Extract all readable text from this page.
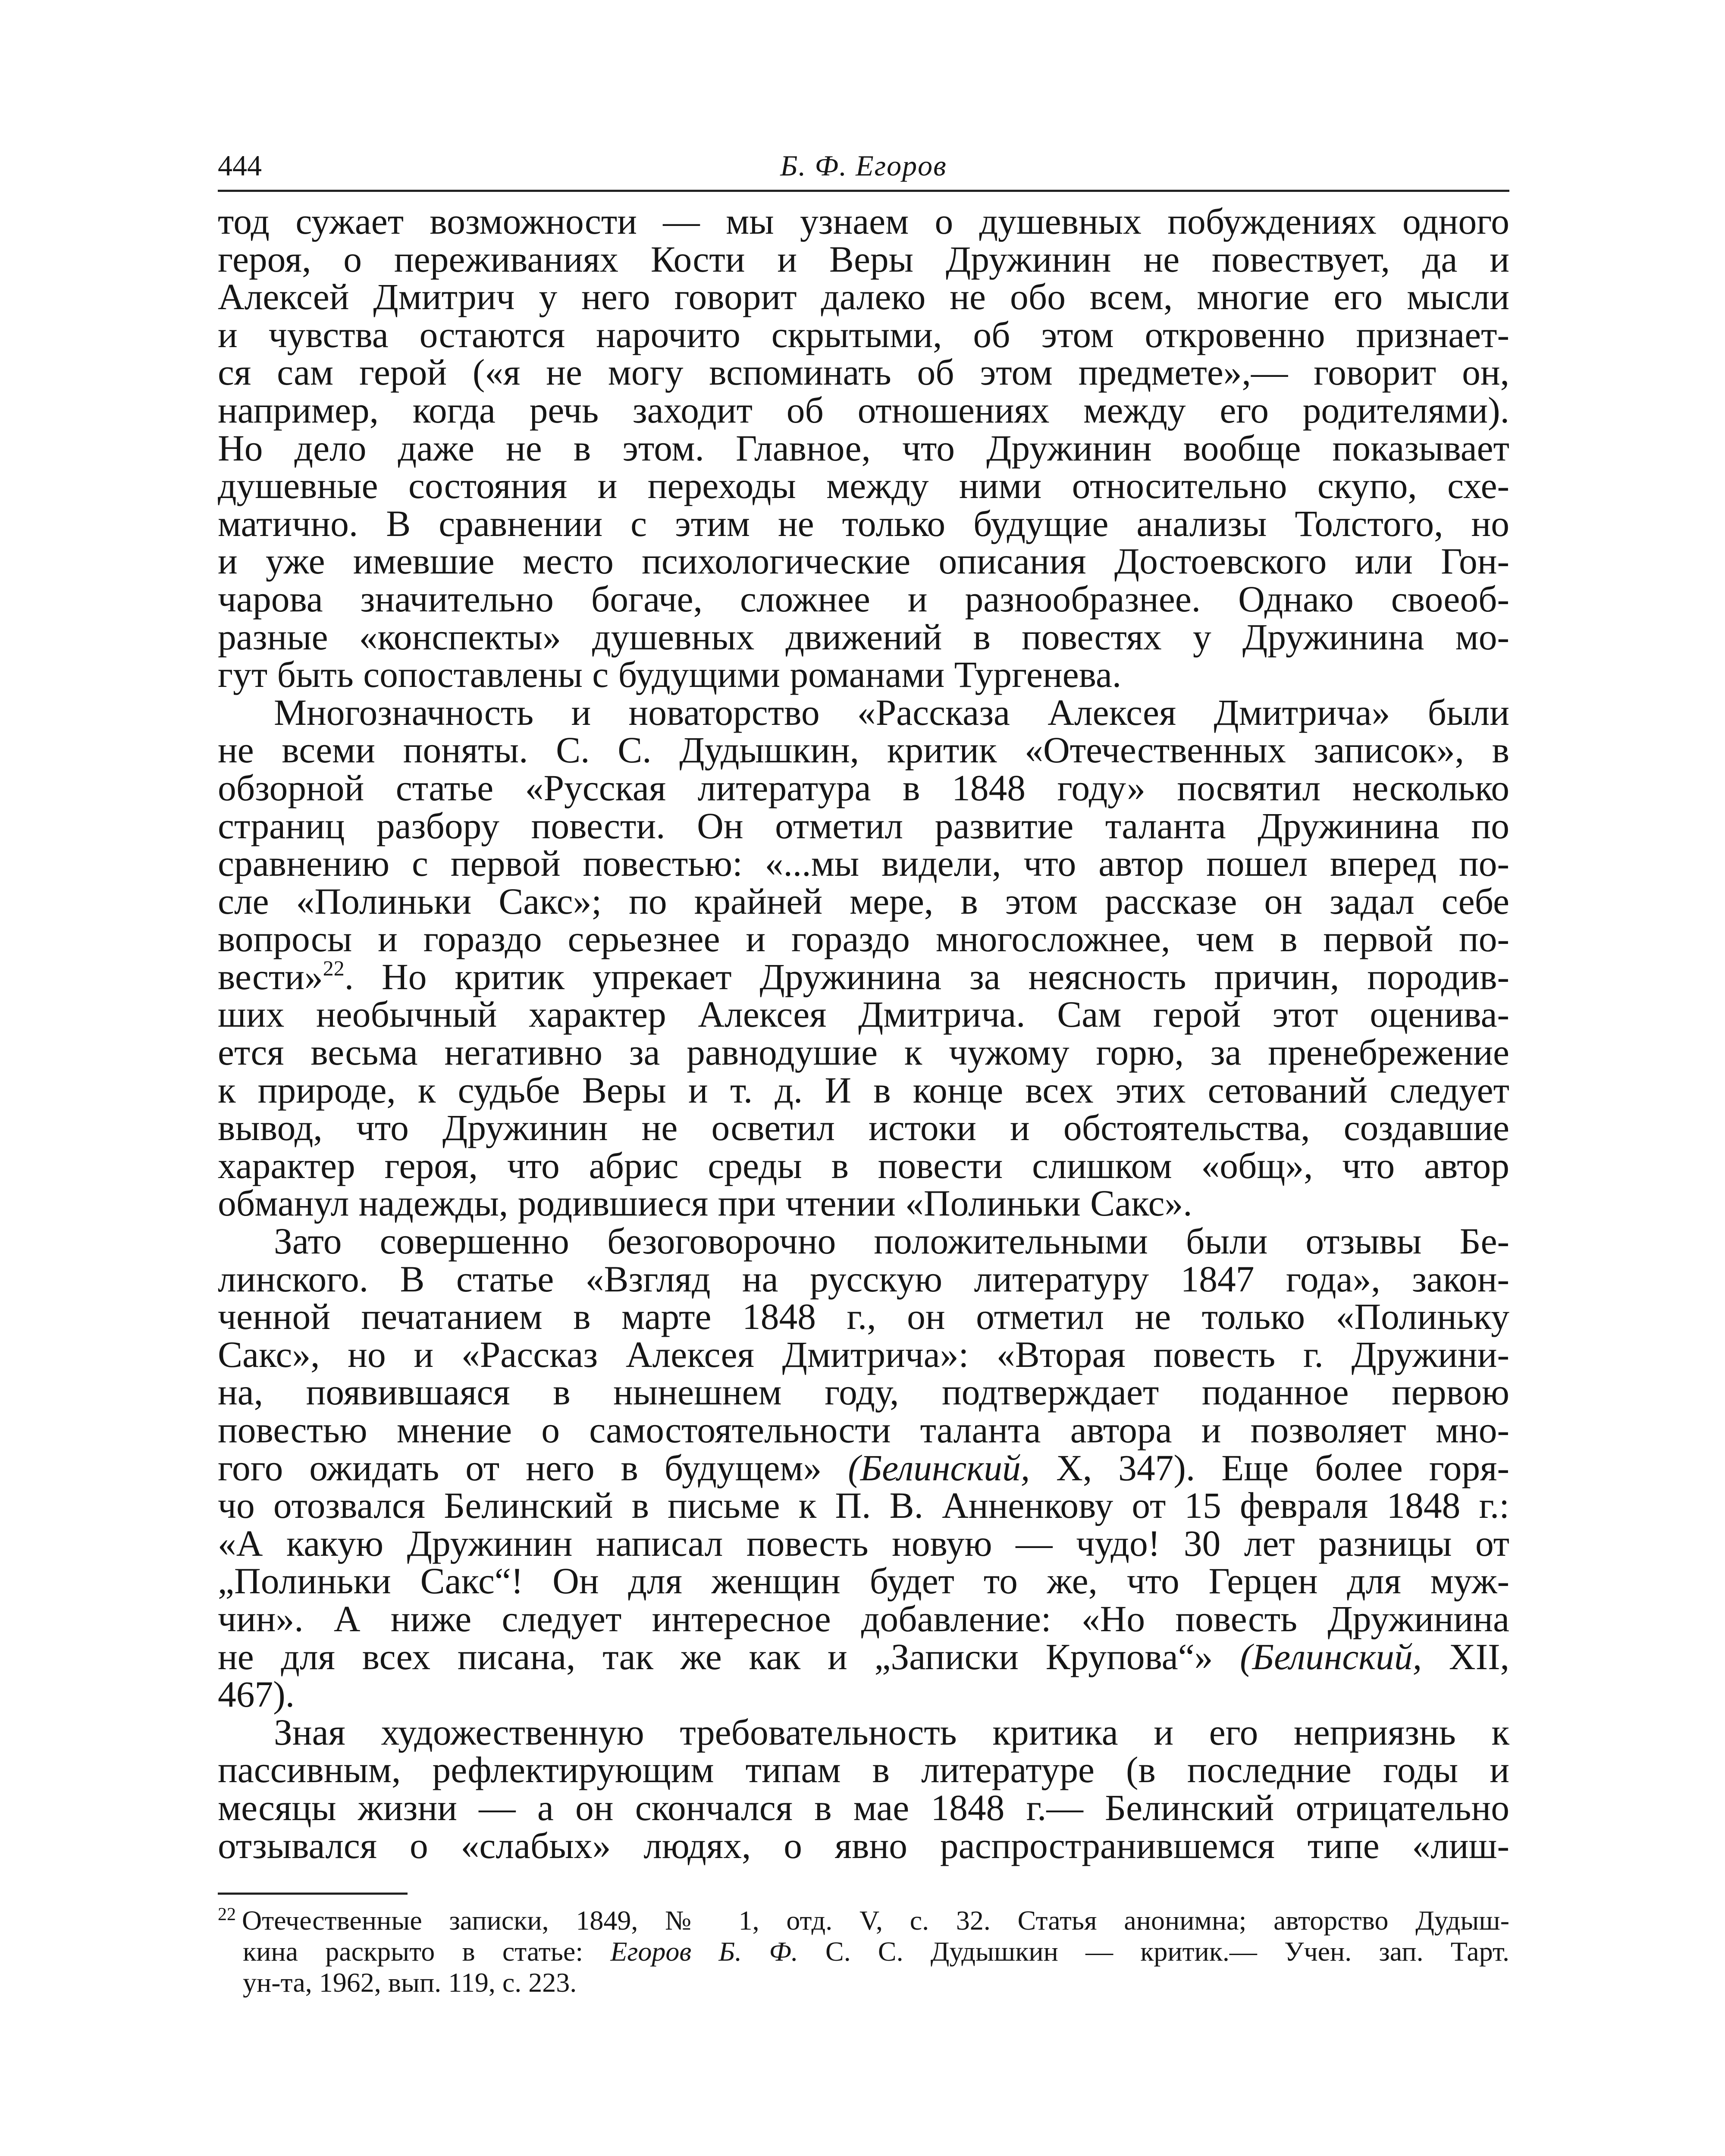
444	Б. Ф. Егоров

тод сужает возможности — мы узнаем о душевных побуждениях одного
героя, о переживаниях Кости и Веры Дружинин не повествует, да и
Алексей Дмитрич у него говорит далеко не обо всем, многие его мысли
и чувства остаются нарочито скрытыми, об этом откровенно признает-
ся сам герой («я не могу вспоминать об этом предмете»,— говорит он,
например, когда речь заходит об отношениях между его родителями).
Но дело даже не в этом. Главное, что Дружинин вообще показывает
душевные состояния и переходы между ними относительно скупо, схе-
матично. В сравнении с этим не только будущие анализы Толстого, но
и уже имевшие место психологические описания Достоевского или Гон-
чарова значительно богаче, сложнее и разнообразнее. Однако своеоб-
разные «конспекты» душевных движений в повестях у Дружинина мо-
гут быть сопоставлены с будущими романами Тургенева.

Многозначность и новаторство «Рассказа Алексея Дмитрича» были
не всеми поняты. С. С. Дудышкин, критик «Отечественных записок», в
обзорной статье «Русская литература в 1848 году» посвятил несколько
страниц разбору повести. Он отметил развитие таланта Дружинина по
сравнению с первой повестью: «...мы видели, что автор пошел вперед по-
сле «Полиньки Сакс»; по крайней мере, в этом рассказе он задал себе
вопросы и гораздо серьезнее и гораздо многосложнее, чем в первой по-
вести»$^{22}$. Но критик упрекает Дружинина за неясность причин, породив-
шиx необычный характер Алексея Дмитрича. Сам герой этот оценива-
ется весьма негативно за равнодушие к чужому горю, за пренебрежение
к природе, к судьбе Веры и т. д. И в конце всех этих сетований следует
вывод, что Дружинин не осветил истоки и обстоятельства, создавшие
характер героя, что абрис среды в повести слишком «общ», что автор
обманул надежды, родившиеся при чтении «Полиньки Сакс».

Зато совершенно безоговорочно положительными были отзывы Бе-
линского. В статье «Взгляд на русскую литературу 1847 года», закон-
ченной печатанием в марте 1848 г., он отметил не только «Полиньку
Сакс», но и «Рассказ Алексея Дмитрича»: «Вторая повесть г. Дружини-
на, появившаяся в нынешнем году, подтверждает поданное первою
повестью мнение о самостоятельности таланта автора и позволяет мно-
гого ожидать от него в будущем» (Белинский, X, 347). Еще более горя-
чо отозвался Белинский в письме к П. В. Анненкову от 15 февраля 1848 г.:
«А какую Дружинин написал повесть новую — чудо! 30 лет разницы от
„Полиньки Сакс“! Он для женщин будет то же, что Герцен для муж-
чин». А ниже следует интересное добавление: «Но повесть Дружинина
не для всех писана, так же как и „Записки Крупова“» (Белинский, XII,
467).

Зная художественную требовательность критика и его неприязнь к
пассивным, рефлектирующим типам в литературе (в последние годы и
месяцы жизни — а он скончался в мае 1848 г.— Белинский отрицательно
отзывался о «слабых» людях, о явно распространившемся типе «лиш-

$^{22}$ Отечественные записки, 1849, № 1, отд. V, с. 32. Статья анонимна; авторство Дудыш-
кина раскрыто в статье: Егоров Б. Ф. С. С. Дудышкин — критик.— Учен. зап. Тарт.
ун-та, 1962, вып. 119, с. 223.
